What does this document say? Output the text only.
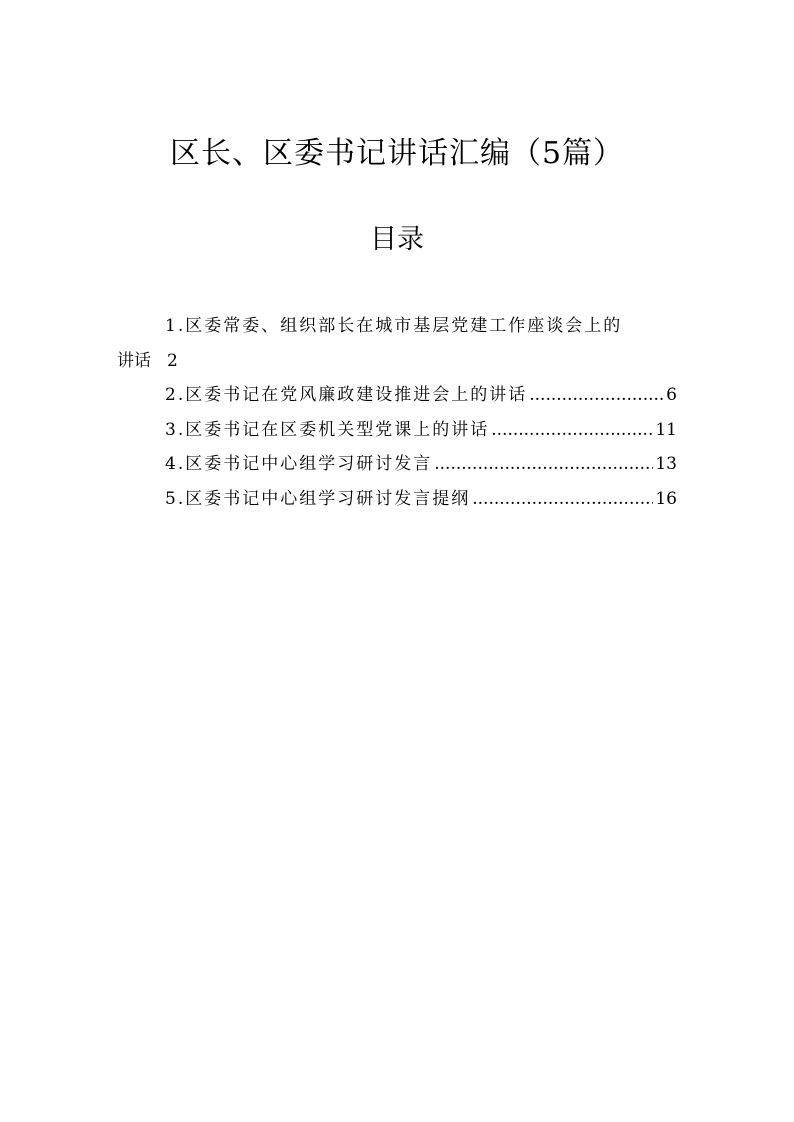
区长、区委书记讲话汇编（5篇）
目录
1.区委常委、组织部长在城市基层党建工作座谈会上的
讲话 2
2.区委书记在党风廉政建设推进会上的讲话 .....	6
3.区委书记在区委机关型党课上的讲话 .....	11
4.区委书记中心组学习研讨发言 .....	13
5.区委书记中心组学习研讨发言提纲 .....	16
